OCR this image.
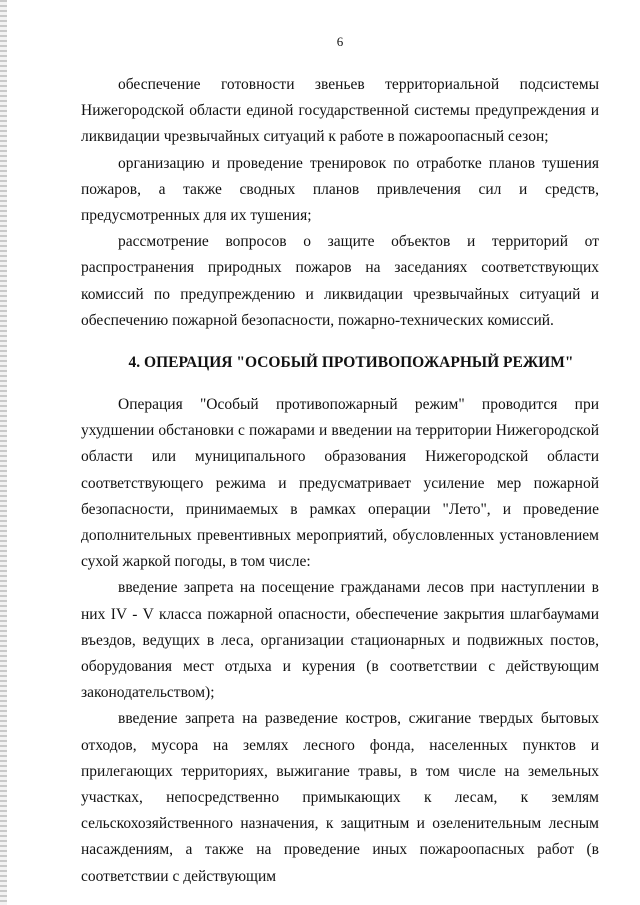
6

обеспечение готовности звеньев территориальной подсистемы Нижегородской области единой государственной системы предупреждения и ликвидации чрезвычайных ситуаций к работе в пожароопасный сезон;

организацию и проведение тренировок по отработке планов тушения пожаров, а также сводных планов привлечения сил и средств, предусмотренных для их тушения;

рассмотрение вопросов о защите объектов и территорий от распространения природных пожаров на заседаниях соответствующих комиссий по предупреждению и ликвидации чрезвычайных ситуаций и обеспечению пожарной безопасности, пожарно-технических комиссий.

4. ОПЕРАЦИЯ "ОСОБЫЙ ПРОТИВОПОЖАРНЫЙ РЕЖИМ"

Операция "Особый противопожарный режим" проводится при ухудшении обстановки с пожарами и введении на территории Нижегородской области или муниципального образования Нижегородской области соответствующего режима и предусматривает усиление мер пожарной безопасности, принимаемых в рамках операции "Лето", и проведение дополнительных превентивных мероприятий, обусловленных установлением сухой жаркой погоды, в том числе:

введение запрета на посещение гражданами лесов при наступлении в них IV - V класса пожарной опасности, обеспечение закрытия шлагбаумами въездов, ведущих в леса, организации стационарных и подвижных постов, оборудования мест отдыха и курения (в соответствии с действующим законодательством);

введение запрета на разведение костров, сжигание твердых бытовых отходов, мусора на землях лесного фонда, населенных пунктов и прилегающих территориях, выжигание травы, в том числе на земельных участках, непосредственно примыкающих к лесам, к землям сельскохозяйственного назначения, к защитным и озеленительным лесным насаждениям, а также на проведение иных пожароопасных работ (в соответствии с действующим
